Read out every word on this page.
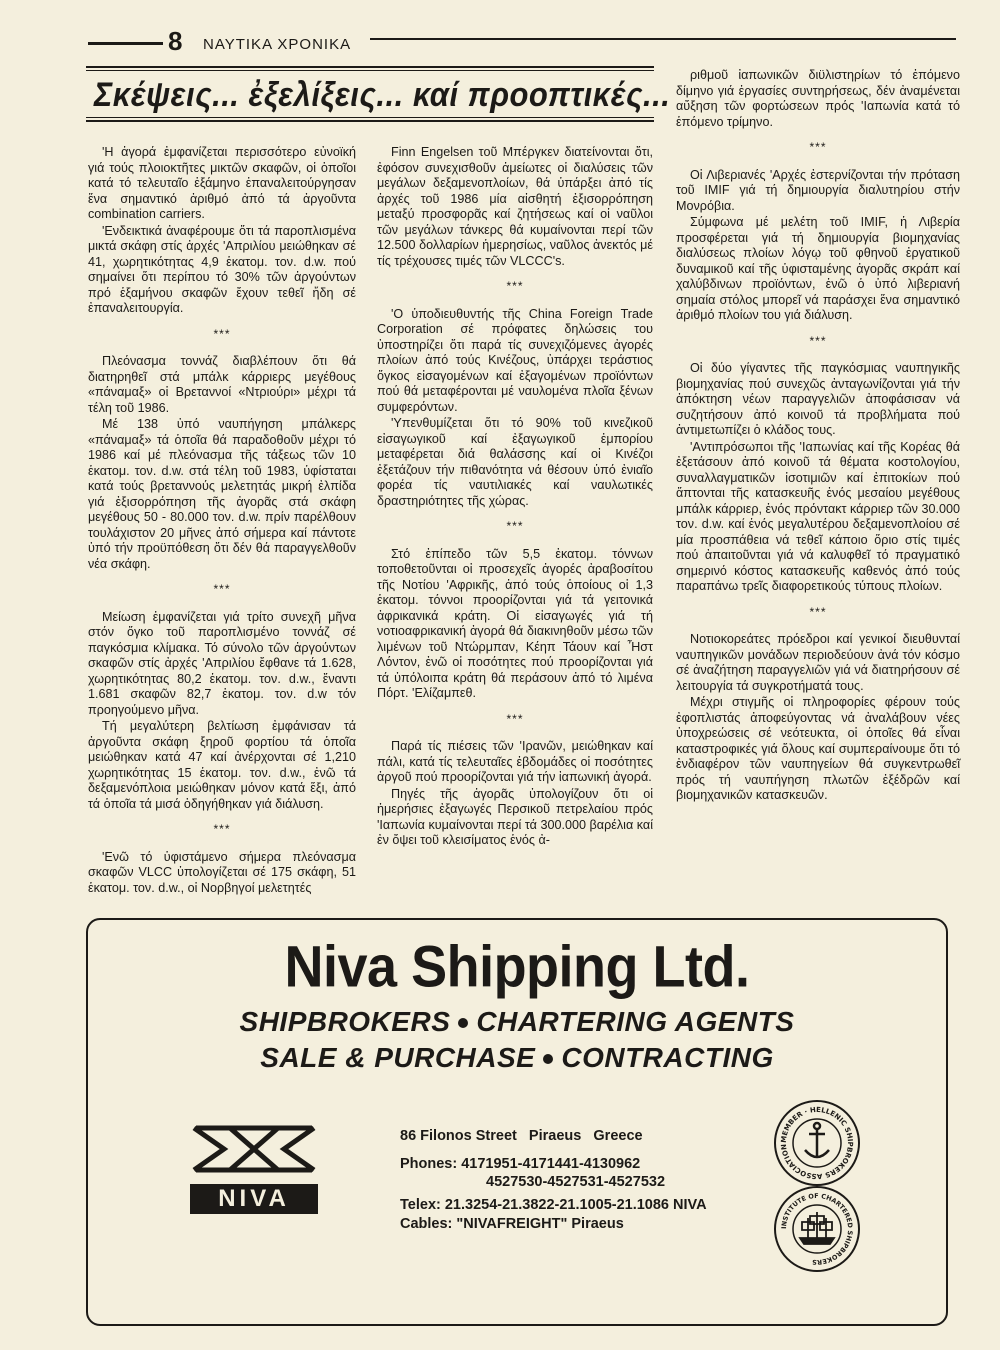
8 ΝΑΥΤΙΚΑ ΧΡΟΝΙΚΑ
Σκέψεις... ἐξελίξεις... καί προοπτικές...

'Η ἀγορά ἐμφανίζεται περισσότερο εὐνοϊκή γιά τούς πλοιοκτῆτες μικτῶν σκαφῶν, οἱ ὁποῖοι κατά τό τελευταῖο ἑξάμηνο ἐπαναλειτούργησαν ἕνα σημαντικό ἀριθμό ἀπό τά ἀργοῦντα combination carriers.

'Ενδεικτικά ἀναφέρουμε ὅτι τά παροπλισμένα μικτά σκάφη στίς ἀρχές 'Απριλίου μειώθηκαν σέ 41, χωρητικότητας 4,9 ἑκατομ. τον. d.w. πού σημαίνει ὅτι περίπου τό 30% τῶν ἀργούντων πρό ἑξαμήνου σκαφῶν ἔχουν τεθεῖ ἤδη σέ ἐπαναλειτουργία.

***

Πλεόνασμα τοννάζ διαβλέπουν ὅτι θά διατηρηθεῖ στά μπάλκ κάρριερς μεγέθους «πάναμαξ» οἱ Βρεταννοί «Ντριούρι» μέχρι τά τέλη τοῦ 1986.

Μέ 138 ὑπό ναυπήγηση μπάλκερς «πάναμαξ» τά ὁποῖα θά παραδοθοῦν μέχρι τό 1986 καί μέ πλεόνασμα τῆς τάξεως τῶν 10 ἑκατομ. τον. d.w. στά τέλη τοῦ 1983, ὑφίσταται κατά τούς βρεταννούς μελετητάς μικρή ἐλπίδα γιά ἐξισορρόπηση τῆς ἀγορᾶς στά σκάφη μεγέθους 50 - 80.000 τον. d.w. πρίν παρέλθουν τουλάχιστον 20 μῆνες ἀπό σήμερα καί πάντοτε ὑπό τήν προϋπόθεση ὅτι δέν θά παραγγελθοῦν νέα σκάφη.

***

Μείωση ἐμφανίζεται γιά τρίτο συνεχῆ μῆνα στόν ὄγκο τοῦ παροπλισμένο τοννάζ σέ παγκόσμια κλίμακα. Τό σύνολο τῶν ἀργούντων σκαφῶν στίς ἀρχές 'Απριλίου ἔφθανε τά 1.628, χωρητικότητας 80,2 ἑκατομ. τον. d.w., ἔναντι 1.681 σκαφῶν 82,7 ἑκατομ. τον. d.w τόν προηγούμενο μῆνα.

Τή μεγαλύτερη βελτίωση ἐμφάνισαν τά ἀργοῦντα σκάφη ξηροῦ φορτίου τά ὁποῖα μειώθηκαν κατά 47 καί ἀνέρχονται σέ 1,210 χωρητικότητας 15 ἑκατομ. τον. d.w., ἐνῶ τά δεξαμενόπλοια μειώθηκαν μόνον κατά ἕξι, ἀπό τά ὁποῖα τά μισά ὁδηγήθηκαν γιά διάλυση.

***

'Ενῶ τό ὑφιστάμενο σήμερα πλεόνασμα σκαφῶν VLCC ὑπολογίζεται σέ 175 σκάφη, 51 ἑκατομ. τον. d.w., οἱ Νορβηγοί μελετητές

Finn Engelsen τοῦ Μπέργκεν διατείνονται ὅτι, ἐφόσον συνεχισθοῦν ἀμείωτες οἱ διαλύσεις τῶν μεγάλων δεξαμενοπλοίων, θά ὑπάρξει ἀπό τίς ἀρχές τοῦ 1986 μία αἰσθητή ἐξισορρόπηση μεταξύ προσφορᾶς καί ζητήσεως καί οἱ ναῦλοι τῶν μεγάλων τάνκερς θά κυμαίνονται περί τῶν 12.500 δολλαρίων ἡμερησίως, ναῦλος ἀνεκτός μέ τίς τρέχουσες τιμές τῶν VLCCC's.

***

'Ο ὑποδιευθυντής τῆς China Foreign Trade Corporation σέ πρόφατες δηλώσεις του ὑποστηρίζει ὅτι παρά τίς συνεχιζόμενες ἀγορές πλοίων ἀπό τούς Κινέζους, ὑπάρχει τεράστιος ὄγκος εἰσαγομένων καί ἐξαγομένων προϊόντων πού θά μεταφέρονται μέ ναυλομένα πλοῖα ξένων συμφερόντων.

'Υπενθυμίζεται ὅτι τό 90% τοῦ κινεζικοῦ εἰσαγωγικοῦ καί ἐξαγωγικοῦ ἐμπορίου μεταφέρεται διά θαλάσσης καί οἱ Κινέζοι ἐξετάζουν τήν πιθανότητα νά θέσουν ὑπό ἐνιαῖο φορέα τίς ναυτιλιακές καί ναυλωτικές δραστηριότητες τῆς χώρας.

***

Στό ἐπίπεδο τῶν 5,5 ἑκατομ. τόννων τοποθετοῦνται οἱ προσεχεῖς ἀγορές ἀραβοσίτου τῆς Νοτίου 'Αφρικῆς, ἀπό τούς ὁποίους οἱ 1,3 ἑκατομ. τόννοι προορίζονται γιά τά γειτονικά ἀφρικανικά κράτη. Οἱ εἰσαγωγές γιά τή νοτιοαφρικανική ἀγορά θά διακινηθοῦν μέσω τῶν λιμένων τοῦ Ντώρμπαν, Κέηπ Τάουν καί Ἦστ Λόντον, ἐνῶ οἱ ποσότητες πού προορίζονται γιά τά ὑπόλοιπα κράτη θά περάσουν ἀπό τό λιμένα Πόρτ. 'Ελίζαμπεθ.

***

Παρά τίς πιέσεις τῶν 'Ιρανῶν, μειώθηκαν καί πάλι, κατά τίς τελευταῖες ἑβδομάδες οἱ ποσότητες ἀργοῦ πού προορίζονται γιά τήν ἰαπωνική ἀγορά.

Πηγές τῆς ἀγορᾶς ὑπολογίζουν ὅτι οἱ ἡμερήσιες ἐξαγωγές Περσικοῦ πετρελαίου πρός 'Ιαπωνία κυμαίνονται περί τά 300.000 βαρέλια καί ἐν ὄψει τοῦ κλεισίματος ἑνός ἀ-

ριθμοῦ ἰαπωνικῶν διϋλιστηρίων τό ἑπόμενο δίμηνο γιά ἐργασίες συντηρήσεως, δέν ἀναμένεται αὔξηση τῶν φορτώσεων πρός 'Ιαπωνία κατά τό ἑπόμενο τρίμηνο.

***

Οἱ Λιβεριανές 'Αρχές ἐστερνίζονται τήν πρόταση τοῦ IMIF γιά τή δημιουργία διαλυτηρίου στήν Μονρόβια.

Σύμφωνα μέ μελέτη τοῦ IMIF, ἡ Λιβερία προσφέρεται γιά τή δημιουργία βιομηχανίας διαλύσεως πλοίων λόγῳ τοῦ φθηνοῦ ἐργατικοῦ δυναμικοῦ καί τῆς ὑφισταμένης ἀγορᾶς σκράπ καί χαλύβδινων προϊόντων, ἐνῶ ὁ ὑπό λιβεριανή σημαία στόλος μπορεῖ νά παράσχει ἕνα σημαντικό ἀριθμό πλοίων του γιά διάλυση.

***

Οἱ δύο γίγαντες τῆς παγκόσμιας ναυπηγικῆς βιομηχανίας πού συνεχῶς ἀνταγωνίζονται γιά τήν ἀπόκτηση νέων παραγγελιῶν ἀποφάσισαν νά συζητήσουν ἀπό κοινοῦ τά προβλήματα πού ἀντιμετωπίζει ὁ κλάδος τους.

'Αντιπρόσωποι τῆς 'Ιαπωνίας καί τῆς Κορέας θά ἐξετάσουν ἀπό κοινοῦ τά θέματα κοστολογίου, συναλλαγματικῶν ἰσοτιμιῶν καί ἐπιτοκίων πού ἅπτονται τῆς κατασκευῆς ἑνός μεσαίου μεγέθους μπάλκ κάρριερ, ἑνός πρόντακτ κάρριερ τῶν 30.000 τον. d.w. καί ἑνός μεγαλυτέρου δεξαμενοπλοίου σέ μία προσπάθεια νά τεθεῖ κάποιο ὅριο στίς τιμές πού ἀπαιτοῦνται γιά νά καλυφθεῖ τό πραγματικό σημερινό κόστος κατασκευῆς καθενός ἀπό τούς παραπάνω τρεῖς διαφορετικούς τύπους πλοίων.

***

Νοτιοκορεάτες πρόεδροι καί γενικοί διευθυνταί ναυπηγικῶν μονάδων περιοδεύουν ἀνά τόν κόσμο σέ ἀναζήτηση παραγγελιῶν γιά νά διατηρήσουν σέ λειτουργία τά συγκροτήματά τους.

Μέχρι στιγμῆς οἱ πληροφορίες φέρουν τούς ἐφοπλιστάς ἀποφεύγοντας νά ἀναλάβουν νέες ὑποχρεώσεις σέ νεότευκτα, οἱ ὁποῖες θά εἶναι καταστροφικές γιά ὅλους καί συμπεραίνουμε ὅτι τό ἐνδιαφέρον τῶν ναυπηγείων θά συγκεντρωθεῖ πρός τή ναυπήγηση πλωτῶν ἐξέδρῶν καί βιομηχανικῶν κατασκευῶν.

Niva Shipping Ltd.
SHIPBROKERS CHARTERING AGENTS
SALE & PURCHASE CONTRACTING
NIVA
86 Filonos Street   Piraeus   Greece
Phones: 4171951-4171441-4130962
4527530-4527531-4527532
Telex: 21.3254-21.3822-21.1005-21.1086 NIVA
Cables: "NIVAFREIGHT" Piraeus
MEMBER · HELLENIC SHIPBROKERS ASSOCIATION
INSTITUTE OF CHARTERED SHIPBROKERS
